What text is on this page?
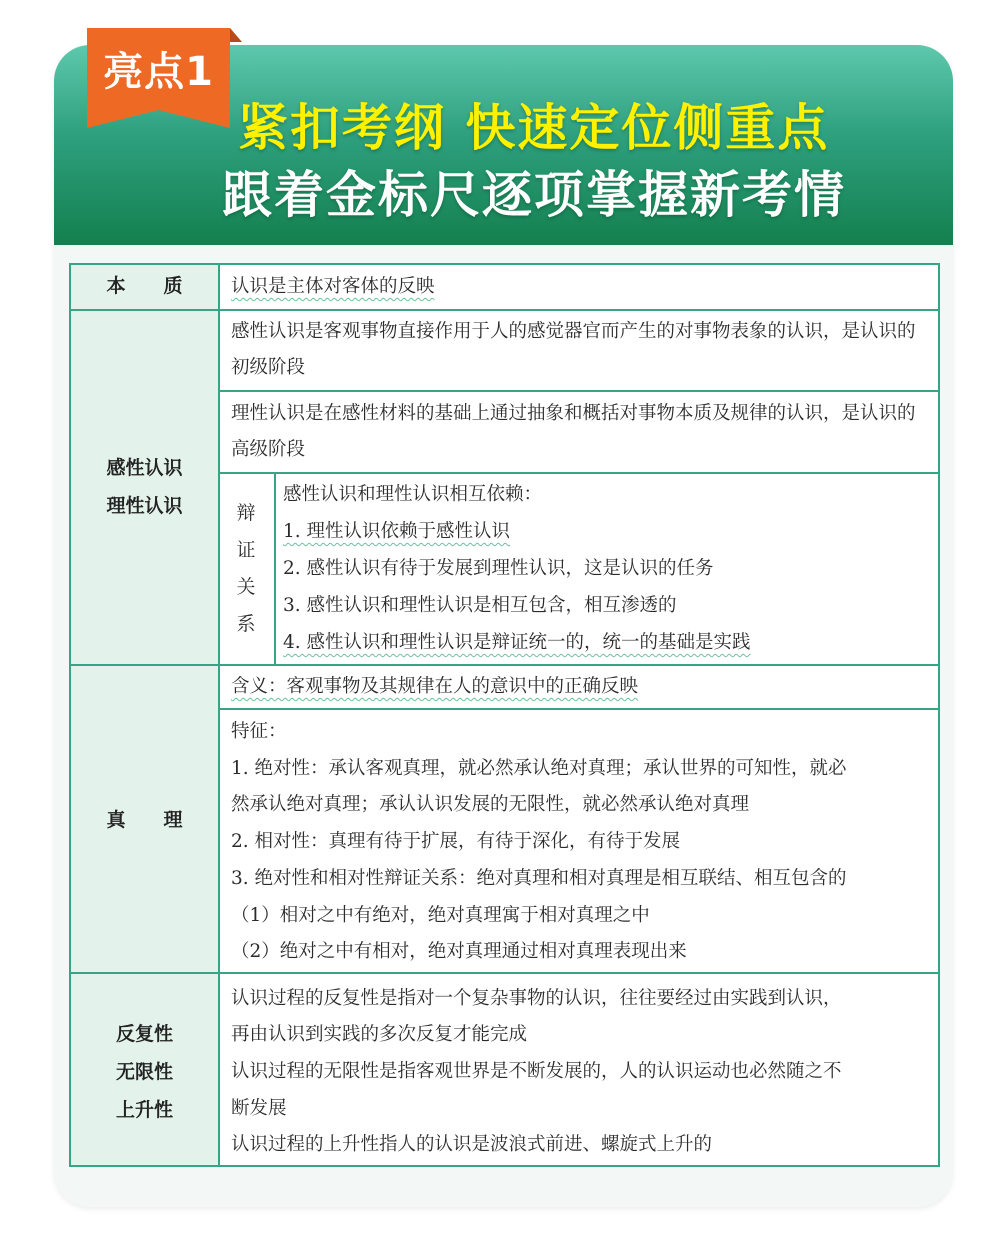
亮点1
紧扣考纲 快速定位侧重点
跟着金标尺逐项掌握新考情
本　　质	认识是主体对客体的反映
感性认识
理性认识
感性认识是客观事物直接作用于人的感觉器官而产生的对事物表象的认识，是认识的初级阶段
理性认识是在感性材料的基础上通过抽象和概括对事物本质及规律的认识，是认识的高级阶段
辩
证
关
系
感性认识和理性认识相互依赖：
1. 理性认识依赖于感性认识
2. 感性认识有待于发展到理性认识，这是认识的任务
3. 感性认识和理性认识是相互包含，相互渗透的
4. 感性认识和理性认识是辩证统一的，统一的基础是实践
真　　理
含义：客观事物及其规律在人的意识中的正确反映
特征：
1. 绝对性：承认客观真理，就必然承认绝对真理；承认世界的可知性，就必
然承认绝对真理；承认认识发展的无限性，就必然承认绝对真理
2. 相对性：真理有待于扩展，有待于深化，有待于发展
3. 绝对性和相对性辩证关系：绝对真理和相对真理是相互联结、相互包含的
（1）相对之中有绝对，绝对真理寓于相对真理之中
（2）绝对之中有相对，绝对真理通过相对真理表现出来
反复性
无限性
上升性
认识过程的反复性是指对一个复杂事物的认识，往往要经过由实践到认识，
再由认识到实践的多次反复才能完成
认识过程的无限性是指客观世界是不断发展的，人的认识运动也必然随之不
断发展
认识过程的上升性指人的认识是波浪式前进、螺旋式上升的
